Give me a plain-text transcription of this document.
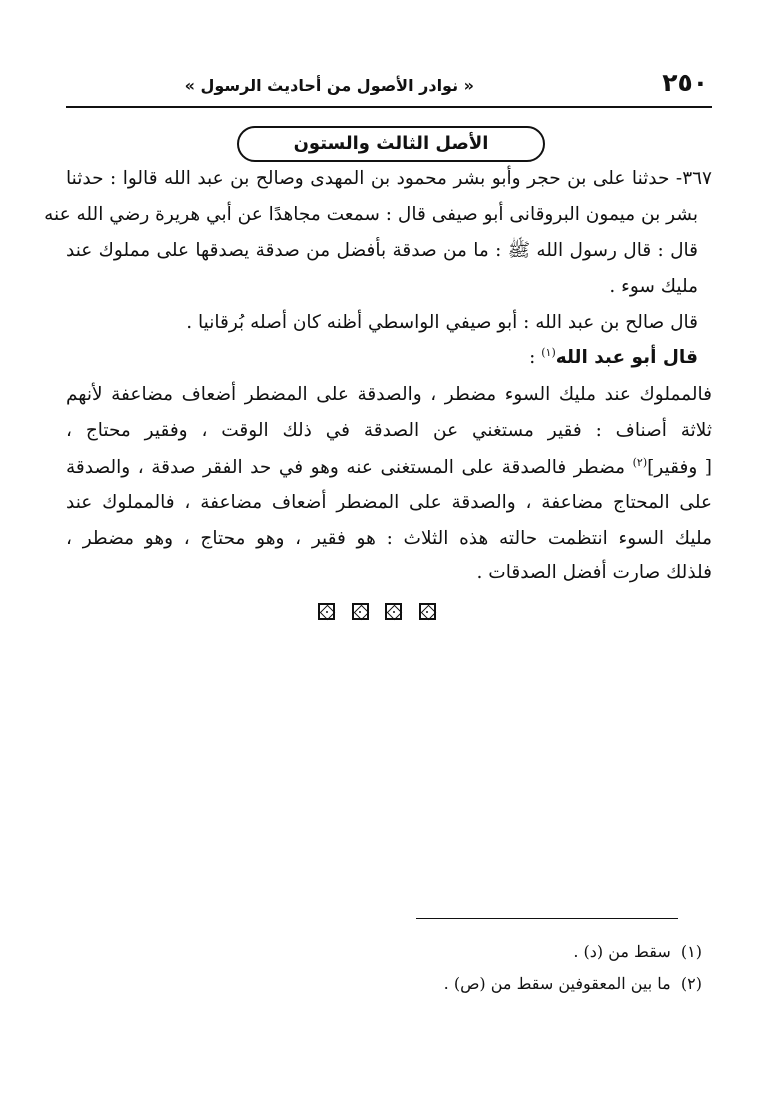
٢٥٠
« نوادر الأصول من أحاديث الرسول »
الأصل الثالث والستون
٣٦٧- حدثنا على بن حجر وأبو بشر محمود بن المهدى وصالح بن عبد الله قالوا : حدثنا
بشر بن ميمون البروقانى أبو صيفى قال : سمعت مجاهدًا عن أبي هريرة رضي الله عنه
قال : قال رسول الله ﷺ : ما من صدقة بأفضل من صدقة يصدقها على مملوك عند
مليك سوء .
قال صالح بن عبد الله : أبو صيفي الواسطي أظنه كان أصله بُرقانيا .
قال أبو عبد الله$^{(١)}$ :
فالمملوك عند مليك السوء مضطر ، والصدقة على المضطر أضعاف مضاعفة لأنهم
ثلاثة أصناف : فقير مستغني عن الصدقة في ذلك الوقت ، وفقير محتاج ،
[ وفقير]$^{(٢)}$ مضطر فالصدقة على المستغنى عنه وهو في حد الفقر صدقة ، والصدقة
على المحتاج مضاعفة ، والصدقة على المضطر أضعاف مضاعفة ، فالمملوك عند
مليك السوء انتظمت حالته هذه الثلاث : هو فقير ، وهو محتاج ، وهو مضطر ،
فلذلك صارت أفضل الصدقات .
(١)  سقط من (د) .
(٢)  ما بين المعقوفين سقط من (ص) .
